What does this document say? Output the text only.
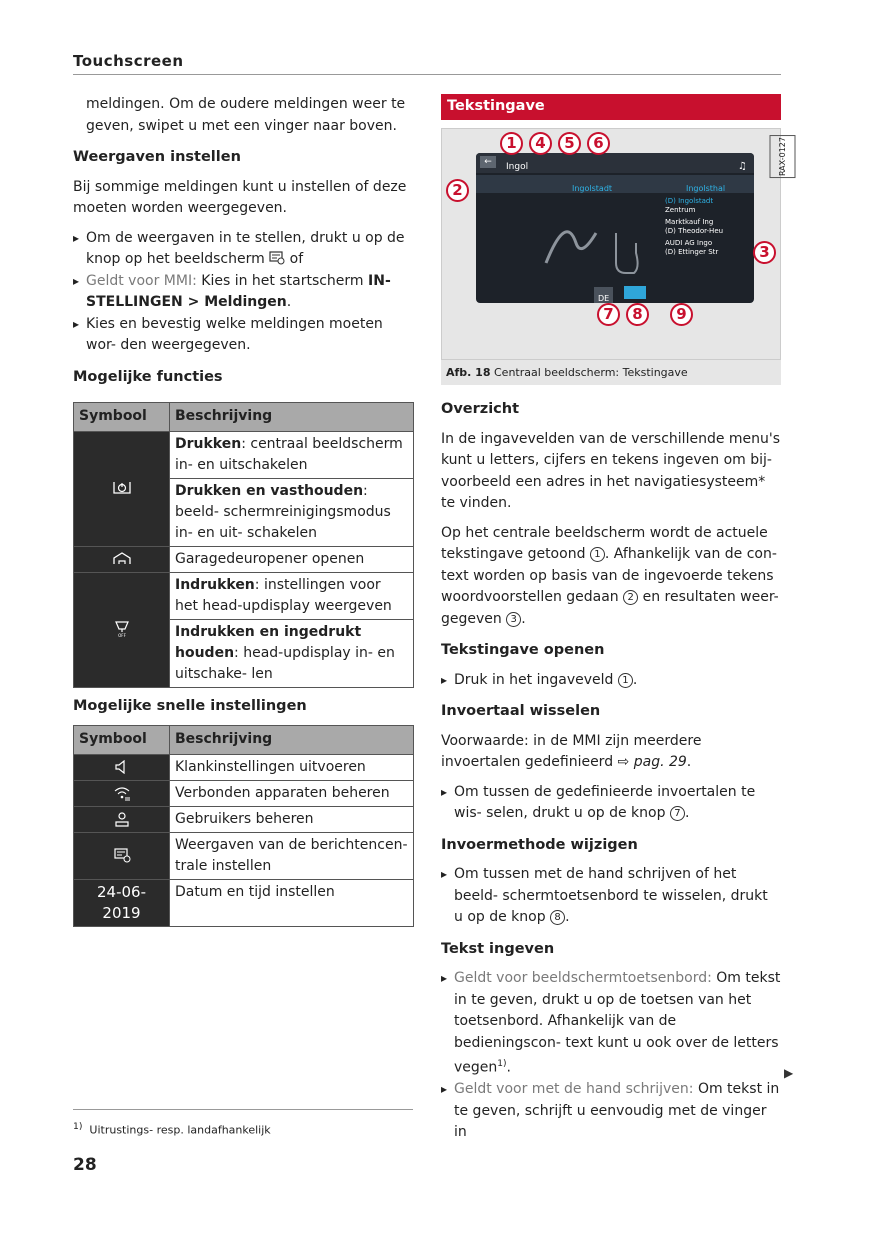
Touchscreen
meldingen. Om de oudere meldingen weer te geven, swipet u met een vinger naar boven.
Weergaven instellen
Bij sommige meldingen kunt u instellen of deze moeten worden weergegeven.
▸ Om de weergaven in te stellen, drukt u op de knop op het beeldscherm of
▸ Geldt voor MMI: Kies in het startscherm IN- STELLINGEN > Meldingen.
▸ Kies en bevestig welke meldingen moeten wor- den weergegeven.
Mogelijke functies
Symbool	Beschrijving
	Drukken: centraal beeldscherm in- en uitschakelen
	Drukken en vasthouden: beeld- schermreinigingsmodus in- en uit- schakelen
	Garagedeuropener openen

OFF	Indrukken: instellingen voor het head-updisplay weergeven
	Indrukken en ingedrukt houden: head-updisplay in- en uitschake- len
Mogelijke snelle instellingen
Symbool	Beschrijving
	Klankinstellingen uitvoeren
	Verbonden apparaten beheren
	Gebruikers beheren
	Weergaven van de berichtencen- trale instellen
24-06-2019	Datum en tijd instellen
Tekstingave
RAX-0127
←	Ingol	♫
Ingolstadt	Ingolsthal
(D) Ingolstadt
Zentrum
Marktkauf Ing
(D) Theodor-Heu
AUDI AG Ingo
(D) Ettinger Str
DE
1	4	5	6
2
3
7	8	9
Afb. 18 Centraal beeldscherm: Tekstingave
Overzicht
In de ingavevelden van de verschillende menu's kunt u letters, cijfers en tekens ingeven om bij- voorbeeld een adres in het navigatiesysteem* te vinden.
Op het centrale beeldscherm wordt de actuele tekstingave getoond 1 . Afhankelijk van de con- text worden op basis van de ingevoerde tekens woordvoorstellen gedaan 2 en resultaten weer- gegeven 3 .
Tekstingave openen
▸ Druk in het ingaveveld 1 .
Invoertaal wisselen
Voorwaarde: in de MMI zijn meerdere invoertalen gedefinieerd ⇨ pag. 29.
▸ Om tussen de gedefinieerde invoertalen te wis- selen, drukt u op de knop 7 .
Invoermethode wijzigen
▸ Om tussen met de hand schrijven of het beeld- schermtoetsenbord te wisselen, drukt u op de knop 8 .
Tekst ingeven
▸ Geldt voor beeldschermtoetsenbord: Om tekst in te geven, drukt u op de toetsen van het toetsenbord. Afhankelijk van de bedieningscon- text kunt u ook over de letters vegen$^{1)}$.
▸ Geldt voor met de hand schrijven: Om tekst in te geven, schrijft u eenvoudig met de vinger in
▶
$^{1)}$ Uitrustings- resp. landafhankelijk
28
